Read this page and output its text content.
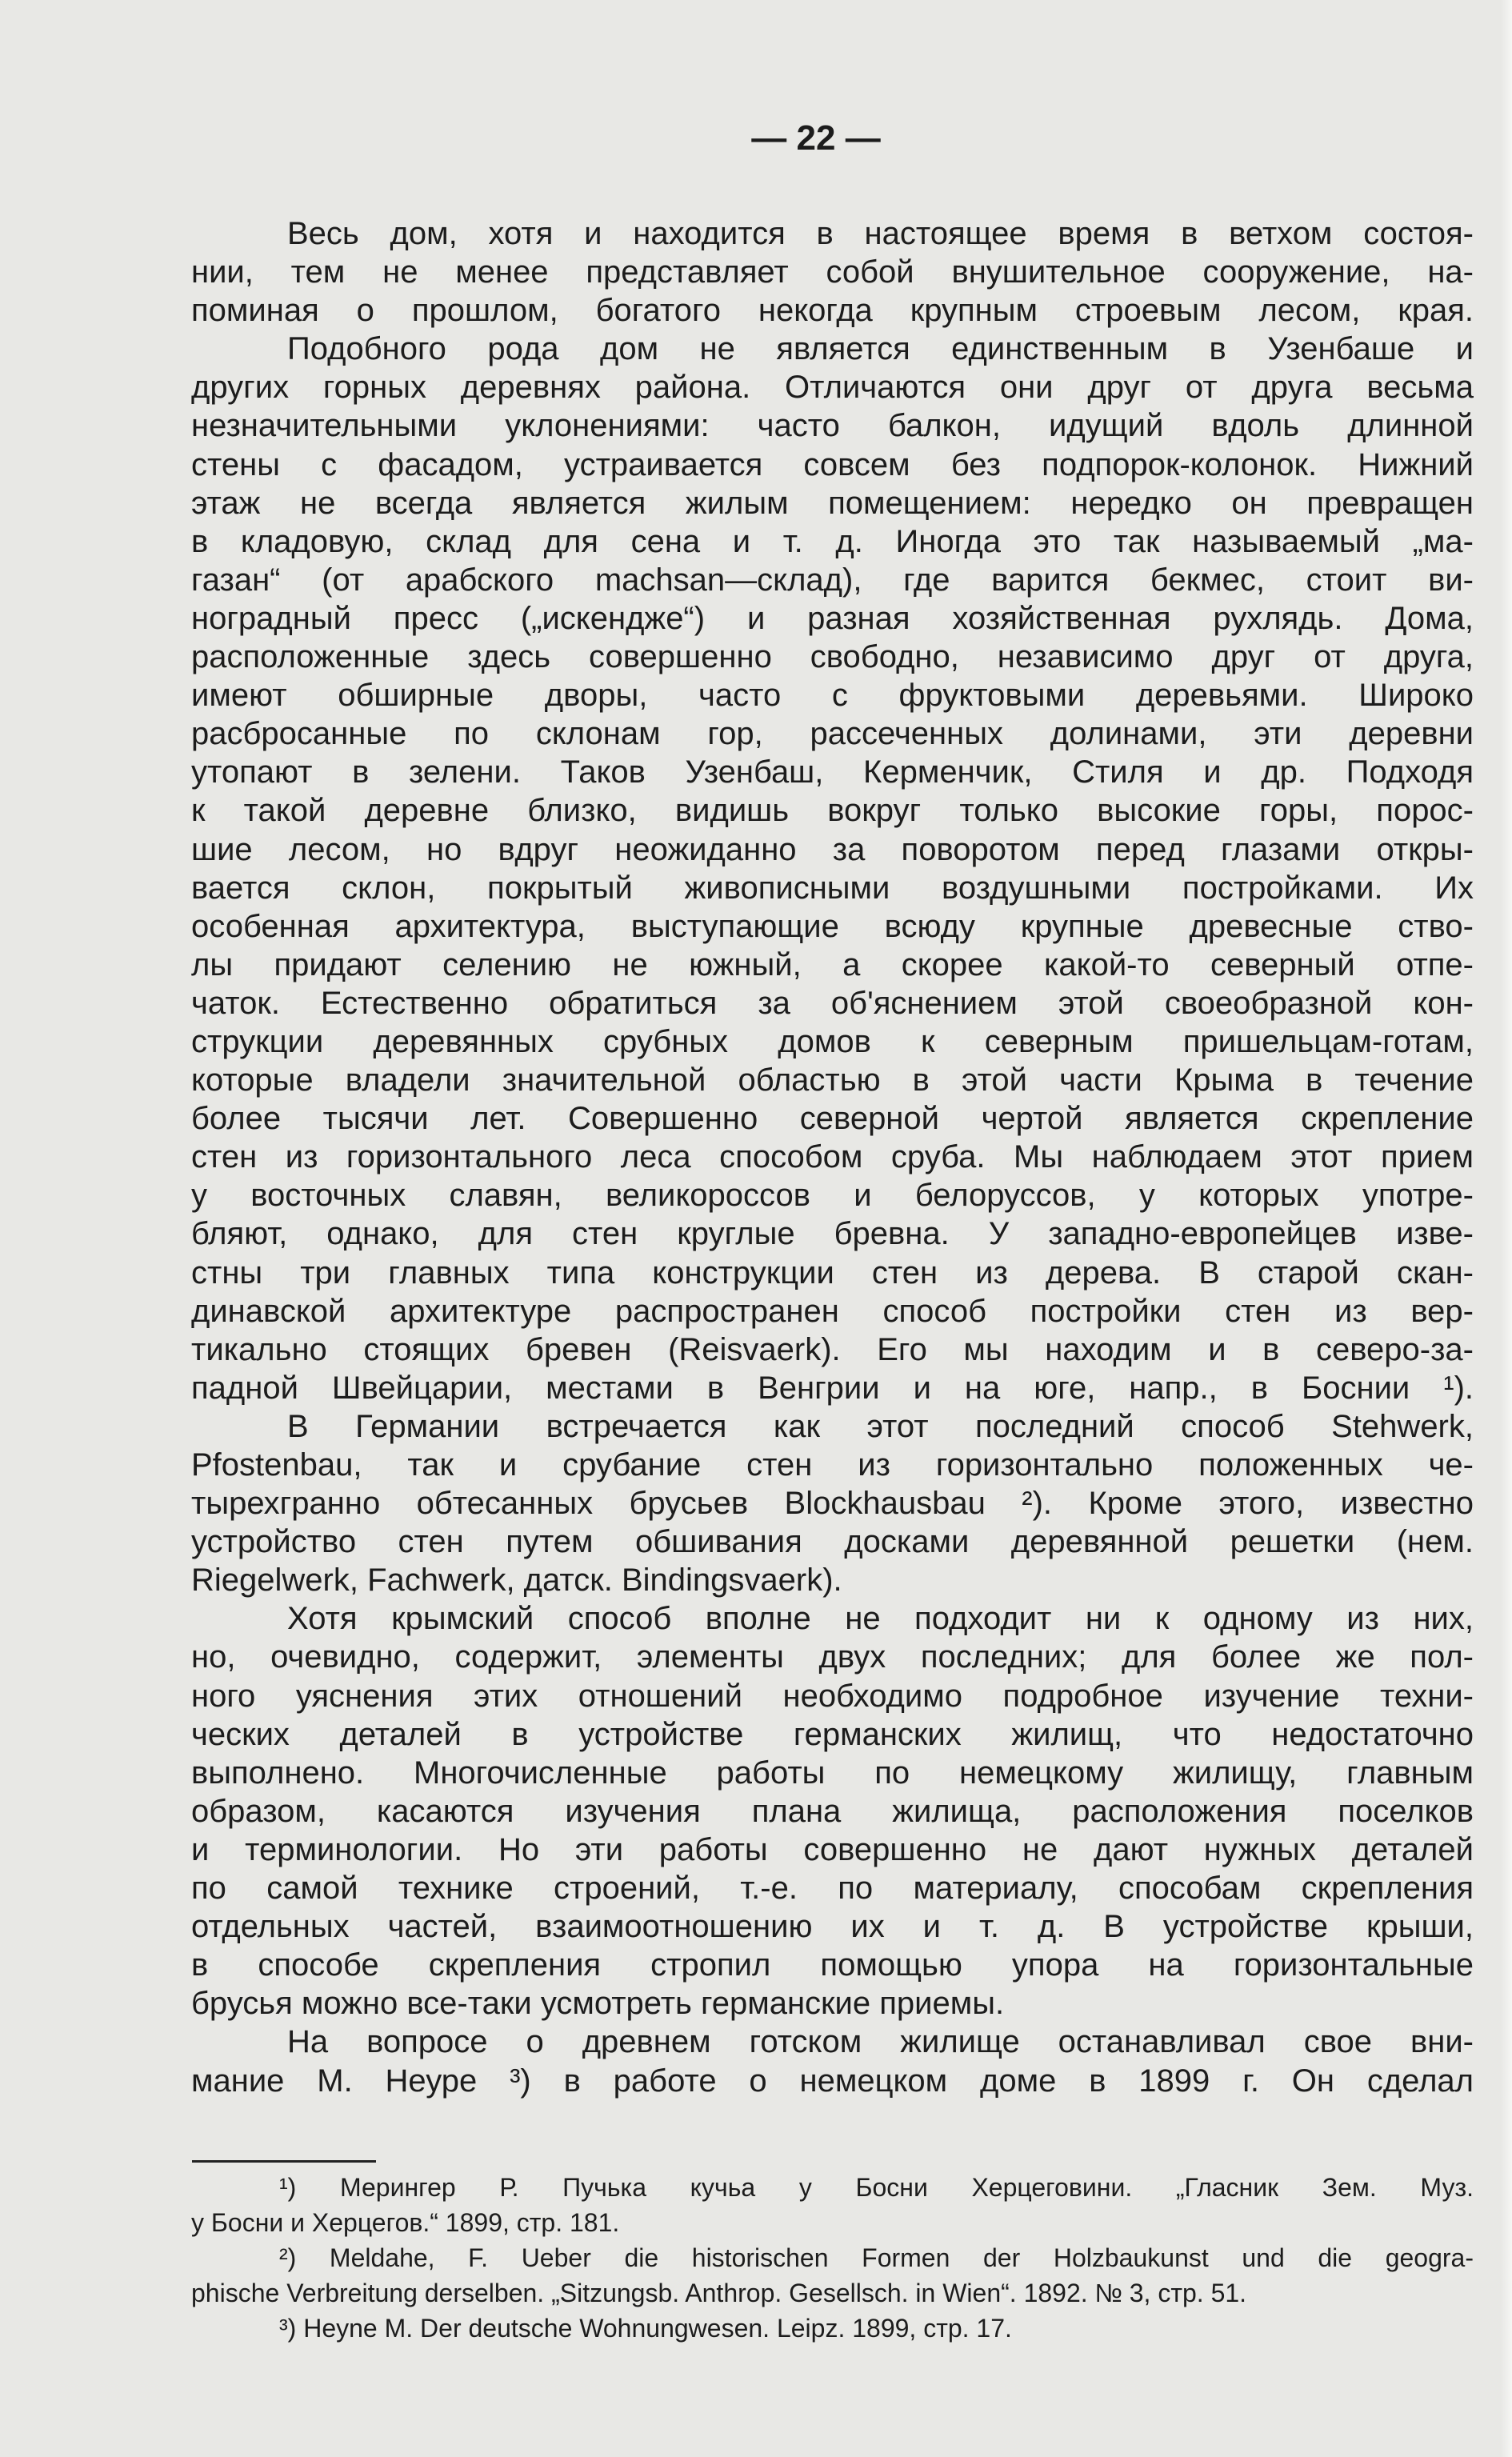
— 22 —
Весь дом, хотя и находится в настоящее время в ветхом состоя-
нии, тем не менее представляет собой внушительное сооружение, на-
поминая о прошлом, богатого некогда крупным строевым лесом, края.
Подобного рода дом не является единственным в Узенбаше и
других горных деревнях района. Отличаются они друг от друга весьма
незначительными уклонениями: часто балкон, идущий вдоль длинной
стены с фасадом, устраивается совсем без подпорок-колонок. Нижний
этаж не всегда является жилым помещением: нередко он превращен
в кладовую, склад для сена и т. д. Иногда это так называемый „ма-
газан“ (от арабского machsan—склад), где варится бекмес, стоит ви-
ноградный пресс („искендже“) и разная хозяйственная рухлядь. Дома,
расположенные здесь совершенно свободно, независимо друг от друга,
имеют обширные дворы, часто с фруктовыми деревьями. Широко
расбросанные по склонам гор, рассеченных долинами, эти деревни
утопают в зелени. Таков Узенбаш, Керменчик, Стиля и др. Подходя
к такой деревне близко, видишь вокруг только высокие горы, порос-
шие лесом, но вдруг неожиданно за поворотом перед глазами откры-
вается склон, покрытый живописными воздушными постройками. Их
особенная архитектура, выступающие всюду крупные древесные ство-
лы придают селению не южный, а скорее какой-то северный отпе-
чаток. Естественно обратиться за об'яснением этой своеобразной кон-
струкции деревянных срубных домов к северным пришельцам-готам,
которые владели значительной областью в этой части Крыма в течение
более тысячи лет. Совершенно северной чертой является скрепление
стен из горизонтального леса способом сруба. Мы наблюдаем этот прием
у восточных славян, великороссов и белоруссов, у которых употре-
бляют, однако, для стен круглые бревна. У западно-европейцев изве-
стны три главных типа конструкции стен из дерева. В старой скан-
динавской архитектуре распространен способ постройки стен из вер-
тикально стоящих бревен (Reisvaerk). Его мы находим и в северо-за-
падной Швейцарии, местами в Венгрии и на юге, напр., в Боснии ¹).
В Германии встречается как этот последний способ Stehwerk,
Pfostenbau, так и срубание стен из горизонтально положенных че-
тырехгранно обтесанных брусьев Blockhausbau ²). Кроме этого, известно
устройство стен путем обшивания досками деревянной решетки (нем.
Riegelwerk, Fachwerk, датск. Bindingsvaerk).
Хотя крымский способ вполне не подходит ни к одному из них,
но, очевидно, содержит, элементы двух последних; для более же пол-
ного уяснения этих отношений необходимо подробное изучение техни-
ческих деталей в устройстве германских жилищ, что недостаточно
выполнено. Многочисленные работы по немецкому жилищу, главным
образом, касаются изучения плана жилища, расположения поселков
и терминологии. Но эти работы совершенно не дают нужных деталей
по самой технике строений, т.-е. по материалу, способам скрепления
отдельных частей, взаимоотношению их и т. д. В устройстве крыши,
в способе скрепления стропил помощью упора на горизонтальные
брусья можно все-таки усмотреть германские приемы.
На вопросе о древнем готском жилище останавливал свое вни-
мание М. Неуре ³) в работе о немецком доме в 1899 г. Он сделал
¹) Мерингер Р. Пучька кучьа у Босни Херцеговини. „Гласник Зем. Муз.
у Босни и Херцегов.“ 1899, стр. 181.
²) Meldahe, F. Ueber die historischen Formen der Holzbaukunst und die geogra-
phische Verbreitung derselben. „Sitzungsb. Anthrop. Gesellsch. in Wien“. 1892. № 3, стр. 51.
³) Heyne M. Der deutsche Wohnungwesen. Leipz. 1899, стр. 17.
